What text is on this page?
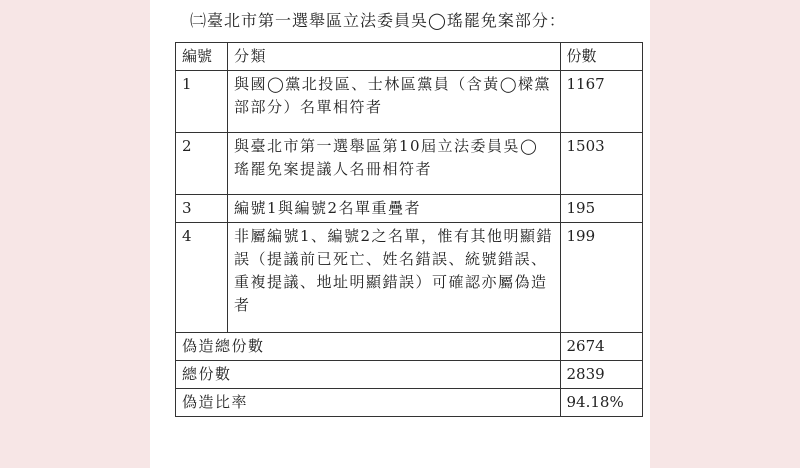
㈡臺北市第一選舉區立法委員吳◯瑤罷免案部分：
編號	分類	份數
1	與國◯黨北投區、士林區黨員（含黃◯樑黨部部分）名單相符者	1167
2	與臺北市第一選舉區第10屆立法委員吳◯瑤罷免案提議人名冊相符者	1503
3	編號1與編號2名單重疊者	195
4	非屬編號1、編號2之名單，惟有其他明顯錯誤（提議前已死亡、姓名錯誤、統號錯誤、重複提議、地址明顯錯誤）可確認亦屬偽造者	199
偽造總份數		2674
總份數		2839
偽造比率		94.18%
